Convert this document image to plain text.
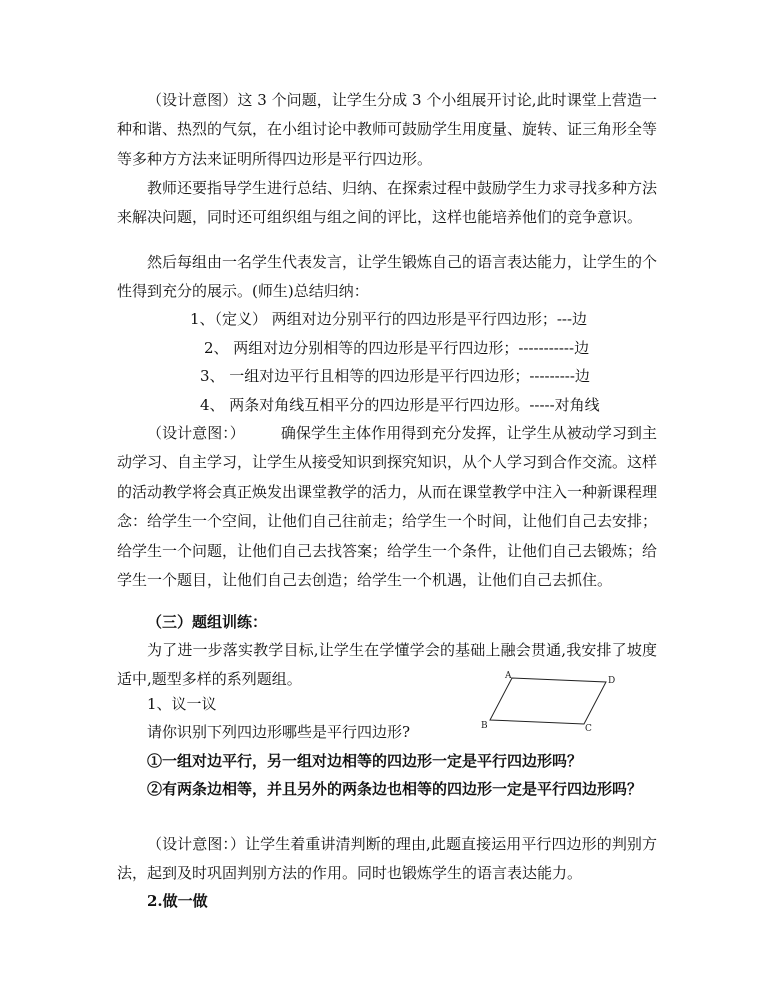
（设计意图）这 3 个问题，让学生分成 3 个小组展开讨论,此时课堂上营造一种和谐、热烈的气氛，在小组讨论中教师可鼓励学生用度量、旋转、证三角形全等等多种方方法来证明所得四边形是平行四边形。

教师还要指导学生进行总结、归纳、在探索过程中鼓励学生力求寻找多种方法来解决问题，同时还可组织组与组之间的评比，这样也能培养他们的竞争意识。

然后每组由一名学生代表发言，让学生锻炼自己的语言表达能力，让学生的个性得到充分的展示。(师生)总结归纳：

1、（定义） 两组对边分别平行的四边形是平行四边形；---边
2、 两组对边分别相等的四边形是平行四边形；-----------边
3、 一组对边平行且相等的四边形是平行四边形；---------边
4、 两条对角线互相平分的四边形是平行四边形。-----对角线

（设计意图：） 确保学生主体作用得到充分发挥，让学生从被动学习到主动学习、自主学习，让学生从接受知识到探究知识，从个人学习到合作交流。这样的活动教学将会真正焕发出课堂教学的活力，从而在课堂教学中注入一种新课程理念：给学生一个空间，让他们自己往前走；给学生一个时间，让他们自己去安排；给学生一个问题，让他们自己去找答案；给学生一个条件，让他们自己去锻炼；给学生一个题目，让他们自己去创造；给学生一个机遇，让他们自己去抓住。

（三）题组训练：

为了进一步落实教学目标,让学生在学懂学会的基础上融会贯通,我安排了坡度适中,题型多样的系列题组。

1、议一议

请你识别下列四边形哪些是平行四边形?

①一组对边平行，另一组对边相等的四边形一定是平行四边形吗？

②有两条边相等，并且另外的两条边也相等的四边形一定是平行四边形吗？

（设计意图：）让学生着重讲清判断的理由,此题直接运用平行四边形的判别方法，起到及时巩固判别方法的作用。同时也锻炼学生的语言表达能力。

2.做一做

A	D
B	C
